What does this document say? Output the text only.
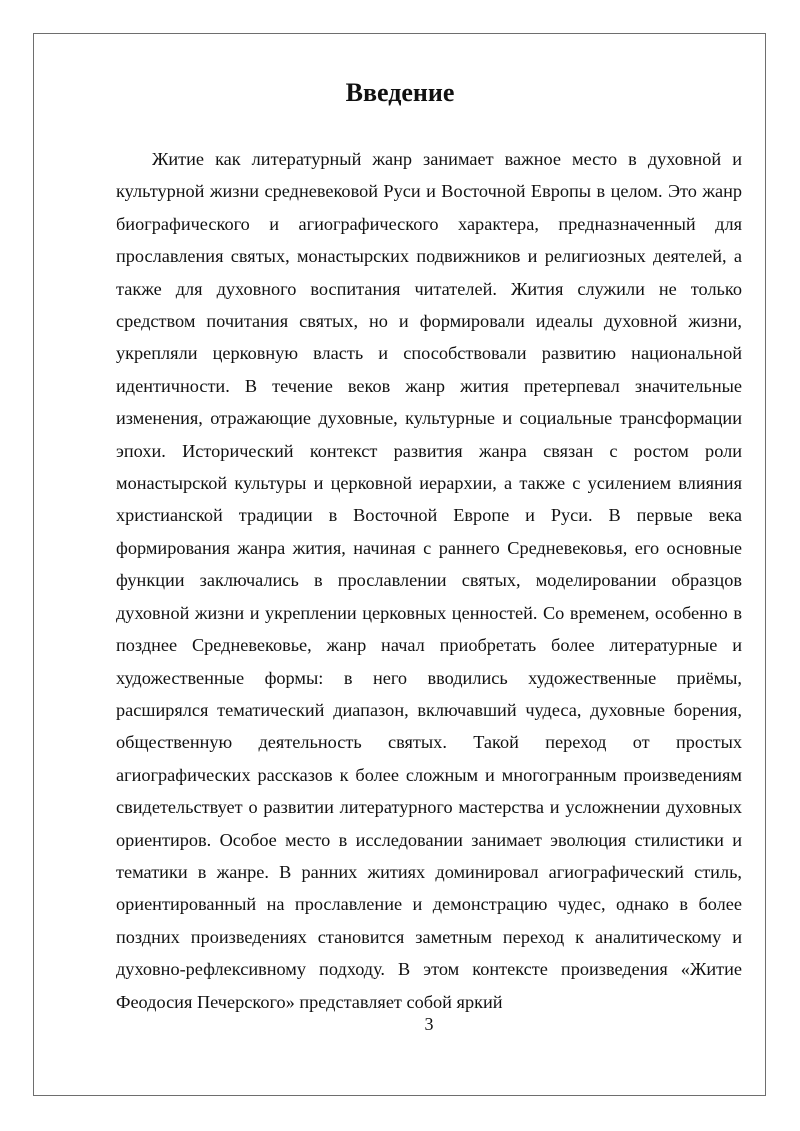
Введение

Житие как литературный жанр занимает важное место в духовной и культурной жизни средневековой Руси и Восточной Европы в целом. Это жанр биографического и агиографического характера, предназначенный для прославления святых, монастырских подвижников и религиозных деятелей, а также для духовного воспитания читателей. Жития служили не только средством почитания святых, но и формировали идеалы духовной жизни, укрепляли церковную власть и способствовали развитию национальной идентичности. В течение веков жанр жития претерпевал значительные изменения, отражающие духовные, культурные и социальные трансформации эпохи. Исторический контекст развития жанра связан с ростом роли монастырской культуры и церковной иерархии, а также с усилением влияния христианской традиции в Восточной Европе и Руси. В первые века формирования жанра жития, начиная с раннего Средневековья, его основные функции заключались в прославлении святых, моделировании образцов духовной жизни и укреплении церковных ценностей. Со временем, особенно в позднее Средневековье, жанр начал приобретать более литературные и художественные формы: в него вводились художественные приёмы, расширялся тематический диапазон, включавший чудеса, духовные борения, общественную деятельность святых. Такой переход от простых агиографических рассказов к более сложным и многогранным произведениям свидетельствует о развитии литературного мастерства и усложнении духовных ориентиров. Особое место в исследовании занимает эволюция стилистики и тематики в жанре. В ранних житиях доминировал агиографический стиль, ориентированный на прославление и демонстрацию чудес, однако в более поздних произведениях становится заметным переход к аналитическому и духовно-рефлексивному подходу. В этом контексте произведения «Житие Феодосия Печерского» представляет собой яркий

3
